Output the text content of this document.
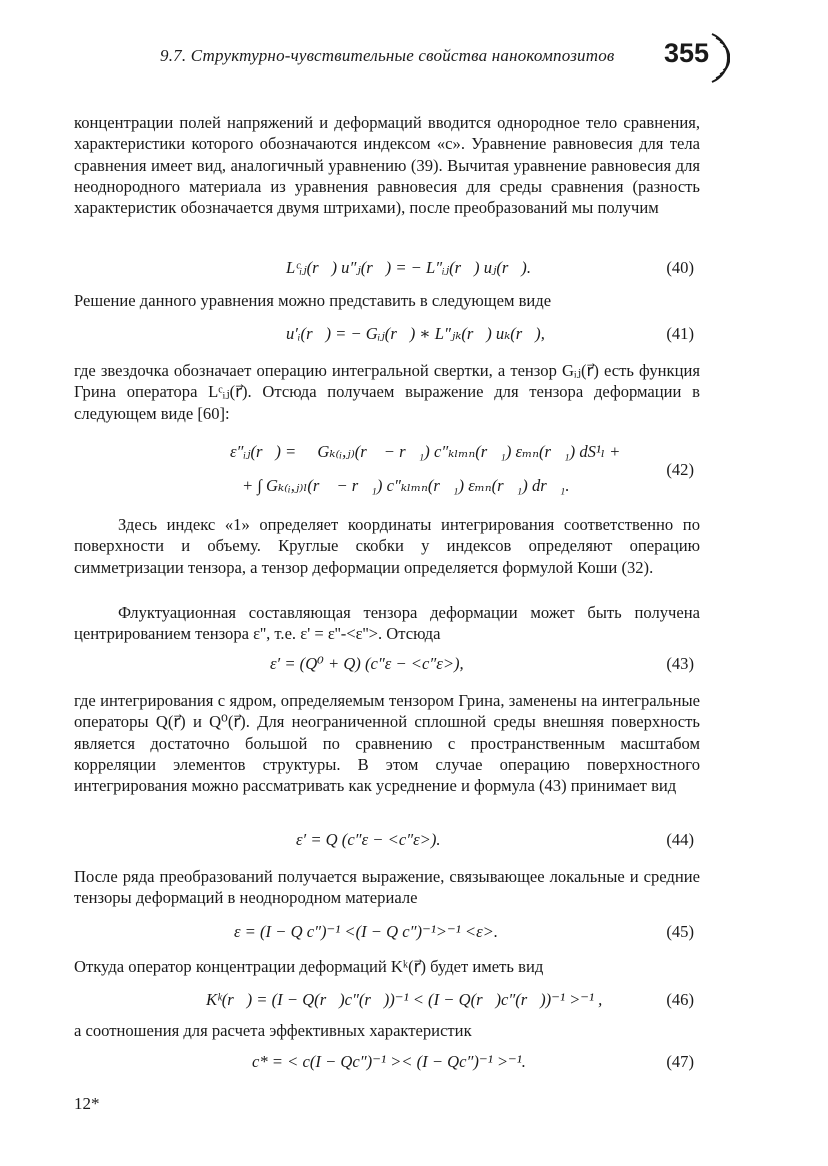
9.7. Структурно-чувствительные свойства нанокомпозитов 355
концентрации полей напряжений и деформаций вводится однородное тело сравнения, характеристики которого обозначаются индексом «с». Уравнение равновесия для тела сравнения имеет вид, аналогичный уравнению (39). Вычитая уравнение равновесия для неоднородного материала из уравнения равновесия для среды сравнения (разность характеристик обозначается двумя штрихами), после преобразований мы получим
Lᶜᵢⱼ(r⃗) u″ⱼ(r⃗) = − L″ᵢⱼ(r⃗) uⱼ(r⃗).	(40)
Решение данного уравнения можно представить в следующем виде
u′ᵢ(r⃗) = − Gᵢⱼ(r⃗) ∗ L″ⱼₖ(r⃗) uₖ(r⃗),	(41)
где звездочка обозначает операцию интегральной свертки, а тензор Gᵢⱼ(r⃗) есть функция Грина оператора Lᶜᵢⱼ(r⃗). Отсюда получаем выражение для тензора деформации в следующем виде [60]:
ε″ᵢⱼ(r⃗) = ∮ Gₖ₍ᵢ,ⱼ₎(r⃗ − r⃗₁) c″ₖₗₘₙ(r⃗₁) εₘₙ(r⃗₁) dS¹ₗ +
+ ∫ Gₖ₍ᵢ,ⱼ₎ₗ(r⃗ − r⃗₁) c″ₖₗₘₙ(r⃗₁) εₘₙ(r⃗₁) dr⃗₁.
(42)
Здесь индекс «1» определяет координаты интегрирования соответственно по поверхности и объему. Круглые скобки у индексов определяют операцию симметризации тензора, а тензор деформации определяется формулой Коши (32).
Флуктуационная составляющая тензора деформации может быть получена центрированием тензора ε'', т.е. ε' = ε''-<ε''>. Отсюда
ε′ = (Q⁰ + Q) (c″ε − <c″ε>),	(43)
где интегрирования с ядром, определяемым тензором Грина, заменены на интегральные операторы Q(r⃗) и Q⁰(r⃗). Для неограниченной сплошной среды внешняя поверхность является достаточно большой по сравнению с пространственным масштабом корреляции элементов структуры. В этом случае операцию поверхностного интегрирования можно рассматривать как усреднение и формула (43) принимает вид
ε′ = Q (c″ε − <c″ε>).	(44)
После ряда преобразований получается выражение, связывающее локальные и средние тензоры деформаций в неоднородном материале
ε = (I − Q c″)⁻¹ <(I − Q c″)⁻¹>⁻¹ <ε>.	(45)
Откуда оператор концентрации деформаций Kᵏ(r⃗) будет иметь вид
Kᵏ(r⃗) = (I − Q(r⃗)c″(r⃗))⁻¹ < (I − Q(r⃗)c″(r⃗))⁻¹ >⁻¹ ,	(46)
а соотношения для расчета эффективных характеристик
c* = < c(I − Qc″)⁻¹ >< (I − Qc″)⁻¹ >⁻¹.	(47)
12*
